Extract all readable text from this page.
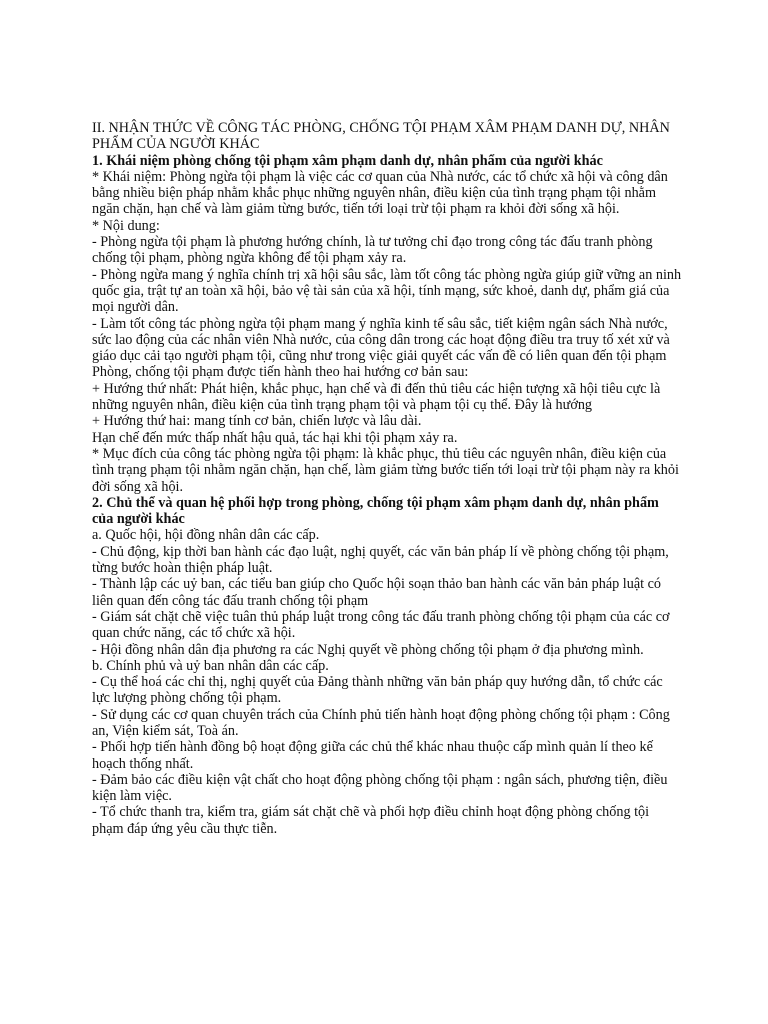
II. NHẬN THỨC VỀ CÔNG TÁC PHÒNG, CHỐNG TỘI PHẠM XÂM PHẠM DANH DỰ, NHÂN PHẨM CỦA NGƯỜI KHÁC

1. Khái niệm phòng chống tội phạm xâm phạm danh dự, nhân phẩm của người khác

* Khái niệm: Phòng ngừa tội phạm là việc các cơ quan của Nhà nước, các tổ chức xã hội và công dân bằng nhiều biện pháp nhằm khắc phục những nguyên nhân, điều kiện của tình trạng phạm tội nhằm ngăn chặn, hạn chế và làm giảm từng bước, tiến tới loại trừ tội phạm ra khỏi đời sống xã hội.

* Nội dung:

- Phòng ngừa tội phạm là phương hướng chính, là tư tưởng chỉ đạo trong công tác đấu tranh phòng chống tội phạm, phòng ngừa không để tội phạm xảy ra.

- Phòng ngừa mang ý nghĩa chính trị xã hội sâu sắc, làm tốt công tác phòng ngừa giúp giữ vững an ninh quốc gia, trật tự an toàn xã hội, bảo vệ tài sản của xã hội, tính mạng, sức khoẻ, danh dự, phẩm giá của mọi người dân.

- Làm tốt công tác phòng ngừa tội phạm mang ý nghĩa kinh tế sâu sắc, tiết kiệm ngân sách Nhà nước, sức lao động của các nhân viên Nhà nước, của công dân trong các hoạt động điều tra truy tố xét xử và giáo dục cải tạo người phạm tội, cũng như trong việc giải quyết các vấn đề có liên quan đến tội phạm

Phòng, chống tội phạm được tiến hành theo hai hướng cơ bản sau:

+ Hướng thứ nhất: Phát hiện, khắc phục, hạn chế và đi đến thủ tiêu các hiện tượng xã hội tiêu cực là những nguyên nhân, điều kiện của tình trạng phạm tội và phạm tội cụ thể. Đây là hướng

+ Hướng thứ hai: mang tính cơ bản, chiến lược và lâu dài.

Hạn chế đến mức thấp nhất hậu quả, tác hại khi tội phạm xảy ra.

* Mục đích của công tác phòng ngừa tội phạm: là khắc phục, thủ tiêu các nguyên nhân, điều kiện của tình trạng phạm tội nhằm ngăn chặn, hạn chế, làm giảm từng bước tiến tới loại trừ tội phạm này ra khỏi đời sống xã hội.

2. Chủ thể và quan hệ phối hợp trong phòng, chống tội phạm xâm phạm danh dự, nhân phẩm của người khác

a. Quốc hội, hội đồng nhân dân các cấp.

- Chủ động, kịp thời ban hành các đạo luật, nghị quyết, các văn bản pháp lí về phòng chống tội phạm, từng bước hoàn thiện pháp luật.

- Thành lập các uỷ ban, các tiểu ban giúp cho Quốc hội soạn thảo ban hành các văn bản pháp luật có liên quan đến công tác đấu tranh chống tội phạm

- Giám sát chặt chẽ việc tuân thủ pháp luật trong công tác đấu tranh phòng chống tội phạm của các cơ quan chức năng, các tổ chức xã hội.

- Hội đồng nhân dân địa phương ra các Nghị quyết về phòng chống tội phạm ở địa phương mình.

b. Chính phủ và uỷ ban nhân dân các cấp.

- Cụ thể hoá các chỉ thị, nghị quyết của Đảng thành những văn bản pháp quy hướng dẫn, tổ chức các lực lượng phòng chống tội phạm.

- Sử dụng các cơ quan chuyên trách của Chính phủ tiến hành hoạt động phòng chống tội phạm : Công an, Viện kiểm sát, Toà án.

- Phối hợp tiến hành đồng bộ hoạt động giữa các chủ thể khác nhau thuộc cấp mình quản lí theo kế hoạch thống nhất.

- Đảm bảo các điều kiện vật chất cho hoạt động phòng chống tội phạm : ngân sách, phương tiện, điều kiện làm việc.

- Tổ chức thanh tra, kiểm tra, giám sát chặt chẽ và phối hợp điều chỉnh hoạt động phòng chống tội phạm đáp ứng yêu cầu thực tiễn.
